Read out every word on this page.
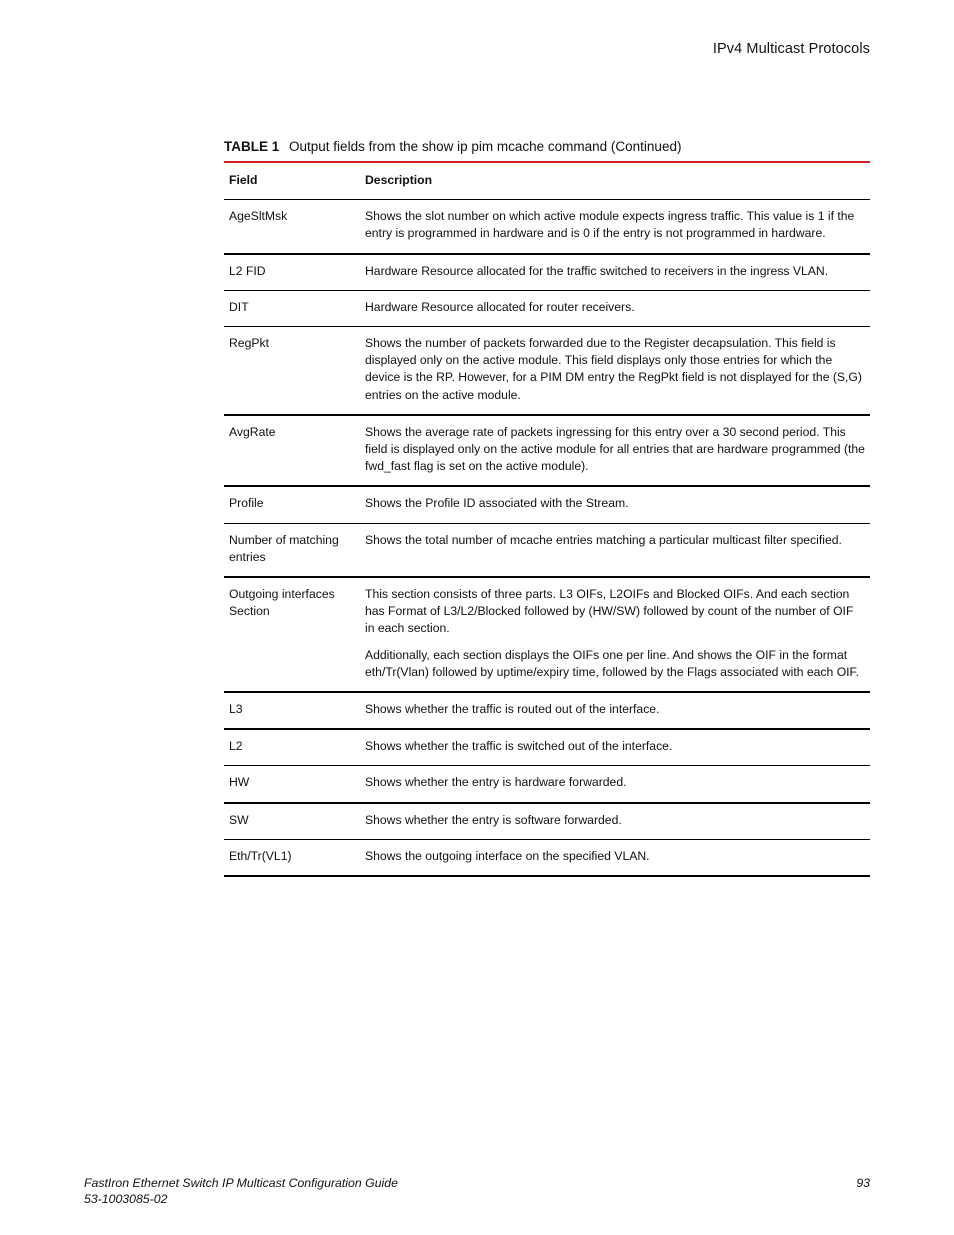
IPv4 Multicast Protocols
TABLE 1 Output fields from the show ip pim mcache command (Continued)
Field	Description
AgeSltMsk	Shows the slot number on which active module expects ingress traffic. This value is 1 if the entry is programmed in hardware and is 0 if the entry is not programmed in hardware.

L2 FID	Hardware Resource allocated for the traffic switched to receivers in the ingress VLAN.

DIT	Hardware Resource allocated for router receivers.

RegPkt	Shows the number of packets forwarded due to the Register decapsulation. This field is displayed only on the active module. This field displays only those entries for which the device is the RP. However, for a PIM DM entry the RegPkt field is not displayed for the (S,G) entries on the active module.

AvgRate	Shows the average rate of packets ingressing for this entry over a 30 second period. This field is displayed only on the active module for all entries that are hardware programmed (the fwd_fast flag is set on the active module).

Profile	Shows the Profile ID associated with the Stream.

Number of matching entries	Shows the total number of mcache entries matching a particular multicast filter specified.

Outgoing interfaces Section	This section consists of three parts. L3 OIFs, L2OIFs and Blocked OIFs. And each section has Format of L3/L2/Blocked followed by (HW/SW) followed by count of the number of OIF in each section.
Additionally, each section displays the OIFs one per line. And shows the OIF in the format eth/Tr(Vlan) followed by uptime/expiry time, followed by the Flags associated with each OIF.

L3	Shows whether the traffic is routed out of the interface.

L2	Shows whether the traffic is switched out of the interface.

HW	Shows whether the entry is hardware forwarded.

SW	Shows whether the entry is software forwarded.

Eth/Tr(VL1)	Shows the outgoing interface on the specified VLAN.
FastIron Ethernet Switch IP Multicast Configuration Guide
53-1003085-02
93
